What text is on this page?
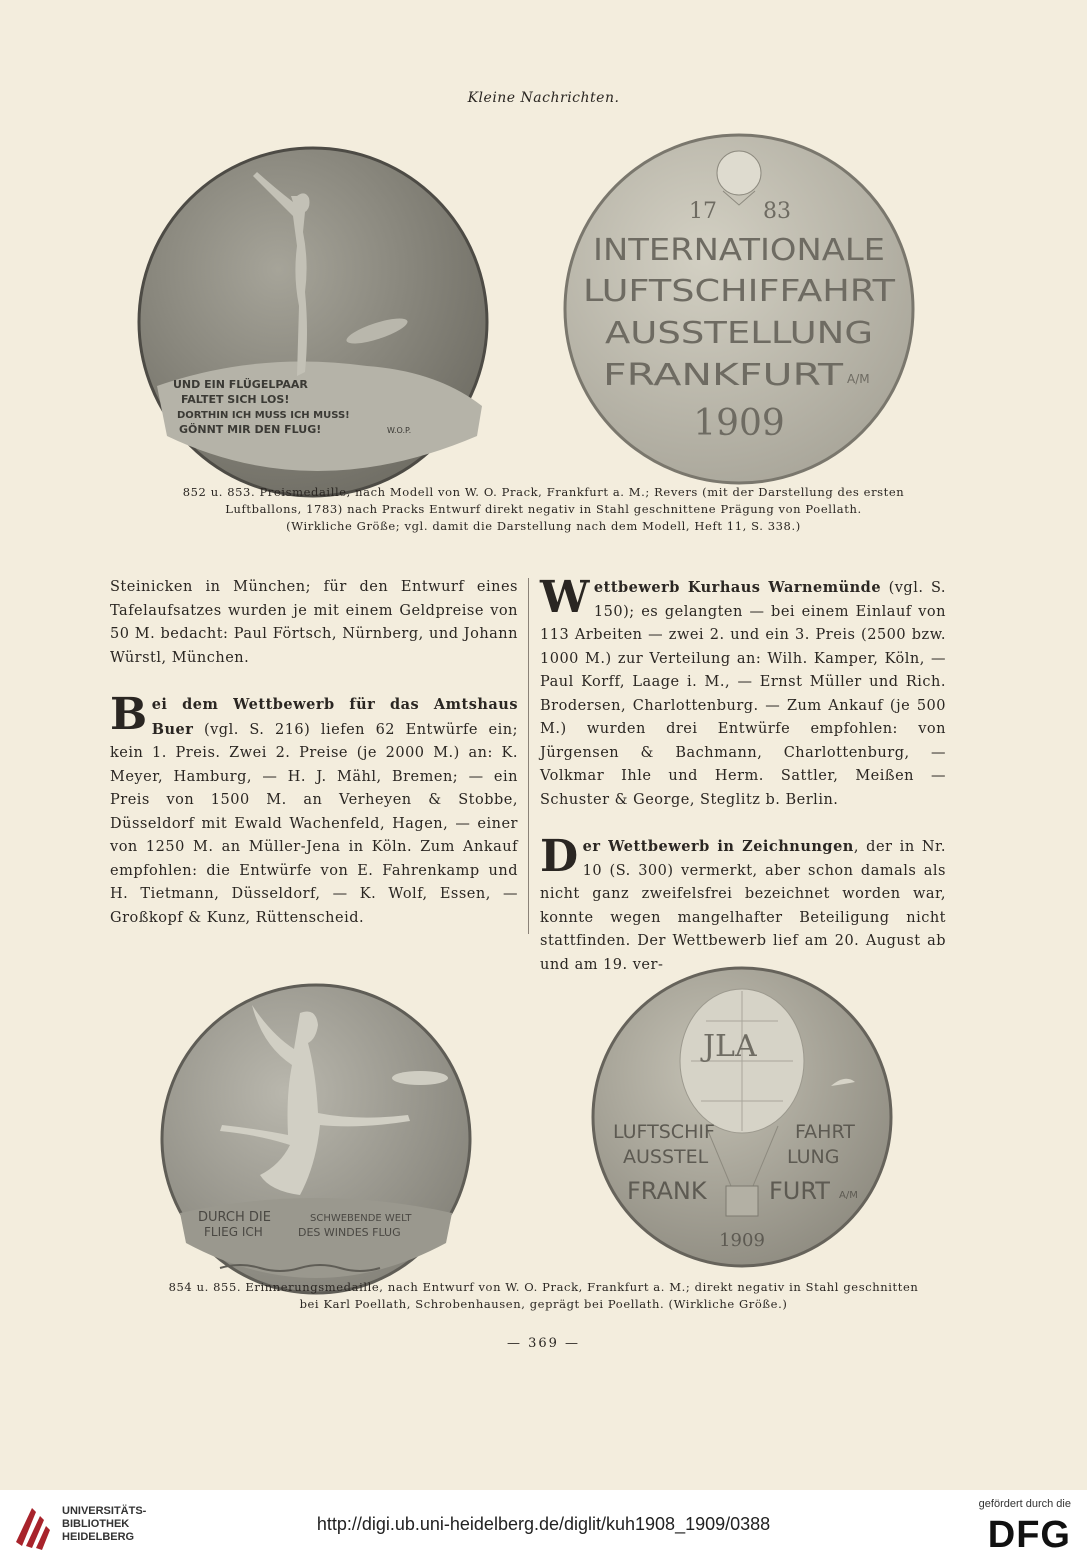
Kleine Nachrichten.
UND EIN FLÜGELPAAR
FALTET SICH LOS!
DORTHIN ICH MUSS ICH MUSS!
GÖNNT MIR DEN FLUG!	W.O.P.
17 83
INTERNATIONALE
LUFTSCHIFFAHRT
AUSSTELLUNG
FRANKFURT A/M
1909
852 u. 853. Preismedaille, nach Modell von W. O. Prack, Frankfurt a. M.; Revers (mit der Darstellung des ersten
Luftballons, 1783) nach Pracks Entwurf direkt negativ in Stahl geschnittene Prägung von Poellath.
(Wirkliche Größe; vgl. damit die Darstellung nach dem Modell, Heft 11, S. 338.)

Steinicken in München; für den Entwurf eines Tafelaufsatzes wurden je mit einem Geldpreise von 50 M. bedacht: Paul Förtsch, Nürnberg, und Johann Würstl, München.

Bei dem Wettbewerb für das Amtshaus Buer (vgl. S. 216) liefen 62 Entwürfe ein; kein 1. Preis. Zwei 2. Preise (je 2000 M.) an: K. Meyer, Hamburg, — H. J. Mähl, Bremen; — ein Preis von 1500 M. an Verheyen & Stobbe, Düsseldorf mit Ewald Wachenfeld, Hagen, — einer von 1250 M. an Müller-Jena in Köln. Zum Ankauf empfohlen: die Entwürfe von E. Fahrenkamp und H. Tietmann, Düsseldorf, — K. Wolf, Essen, — Großkopf & Kunz, Rüttenscheid.

Wettbewerb Kurhaus Warnemünde (vgl. S. 150); es gelangten — bei einem Einlauf von 113 Arbeiten — zwei 2. und ein 3. Preis (2500 bzw. 1000 M.) zur Verteilung an: Wilh. Kamper, Köln, — Paul Korff, Laage i. M., — Ernst Müller und Rich. Brodersen, Charlottenburg. — Zum Ankauf (je 500 M.) wurden drei Entwürfe empfohlen: von Jürgensen & Bachmann, Charlottenburg, — Volkmar Ihle und Herm. Sattler, Meißen — Schuster & George, Steglitz b. Berlin.

Der Wettbewerb in Zeichnungen, der in Nr. 10 (S. 300) vermerkt, aber schon damals als nicht ganz zweifelsfrei bezeichnet worden war, konnte wegen mangelhafter Beteiligung nicht stattfinden. Der Wettbewerb lief am 20. August ab und am 19. ver-

DURCH DIE
FLIEG ICH
SCHWEBENDE WELT
DES WINDES FLUG
JLA
LUFTSCHIF
AUSSTEL
FRANK
FAHRT
LUNG
FURT A/M
1909
854 u. 855. Erinnerungsmedaille, nach Entwurf von W. O. Prack, Frankfurt a. M.; direkt negativ in Stahl geschnitten
bei Karl Poellath, Schrobenhausen, geprägt bei Poellath. (Wirkliche Größe.)
— 369 —
UNIVERSITÄTS-
BIBLIOTHEK
HEIDELBERG
http://digi.ub.uni-heidelberg.de/diglit/kuh1908_1909/0388
gefördert durch die
DFG
